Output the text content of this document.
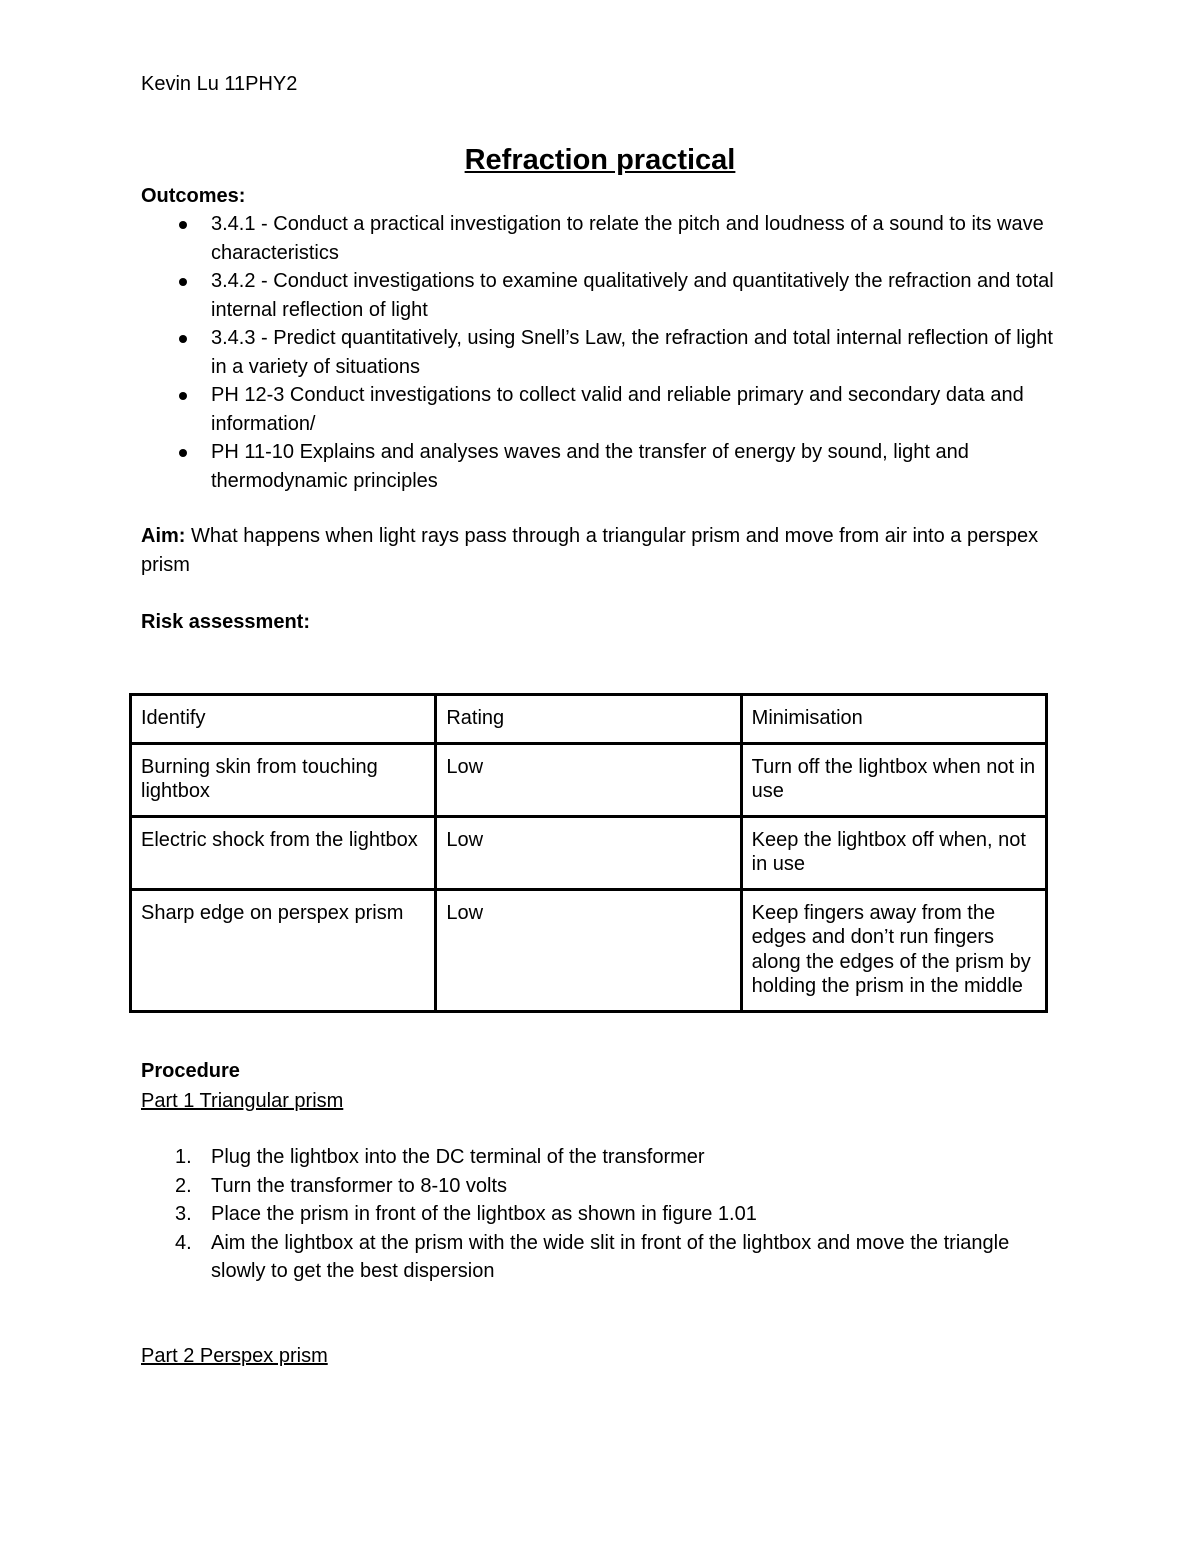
Kevin Lu 11PHY2
Refraction practical
Outcomes:
3.4.1 - Conduct a practical investigation to relate the pitch and loudness of a sound to its wave characteristics
3.4.2 - Conduct investigations to examine qualitatively and quantitatively the refraction and total internal reflection of light
3.4.3 - Predict quantitatively, using Snell’s Law, the refraction and total internal reflection of light in a variety of situations
PH 12-3 Conduct investigations to collect valid and reliable primary and secondary data and information/
PH 11-10 Explains and analyses waves and the transfer of energy by sound, light and thermodynamic principles
Aim: What happens when light rays pass through a triangular prism and move from air into a perspex prism
Risk assessment:
Identify	Rating	Minimisation
Burning skin from touching lightbox	Low	Turn off the lightbox when not in use
Electric shock from the lightbox	Low	Keep the lightbox off when, not in use
Sharp edge on perspex prism	Low	Keep fingers away from the edges and don’t run fingers along the edges of the prism by holding the prism in the middle
Procedure
Part 1 Triangular prism
1. Plug the lightbox into the DC terminal of the transformer
2. Turn the transformer to 8-10 volts
3. Place the prism in front of the lightbox as shown in figure 1.01
4. Aim the lightbox at the prism with the wide slit in front of the lightbox and move the triangle slowly to get the best dispersion
Part 2 Perspex prism
